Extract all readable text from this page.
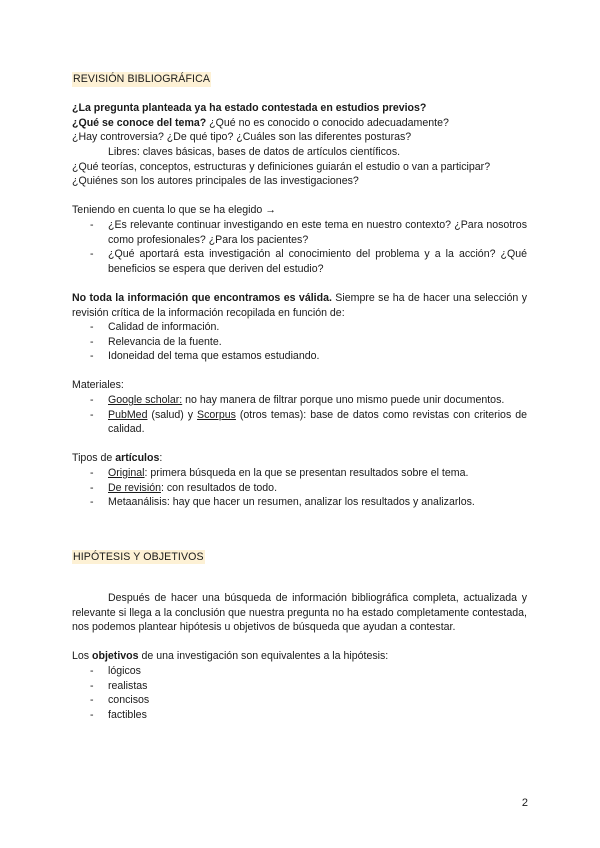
REVISIÓN BIBLIOGRÁFICA

¿La pregunta planteada ya ha estado contestada en estudios previos?

¿Qué se conoce del tema? ¿Qué no es conocido o conocido adecuadamente?

¿Hay controversia? ¿De qué tipo? ¿Cuáles son las diferentes posturas?

Libres: claves básicas, bases de datos de artículos científicos.

¿Qué teorías, conceptos, estructuras y definiciones guiarán el estudio o van a participar?

¿Quiénes son los autores principales de las investigaciones?

Teniendo en cuenta lo que se ha elegido →

- ¿Es relevante continuar investigando en este tema en nuestro contexto? ¿Para nosotros como profesionales? ¿Para los pacientes?
- ¿Qué aportará esta investigación al conocimiento del problema y a la acción? ¿Qué beneficios se espera que deriven del estudio?

No toda la información que encontramos es válida. Siempre se ha de hacer una selección y revisión crítica de la información recopilada en función de:

- Calidad de información.
- Relevancia de la fuente.
- Idoneidad del tema que estamos estudiando.

Materiales:

- Google scholar: no hay manera de filtrar porque uno mismo puede unir documentos.
- PubMed (salud) y Scorpus (otros temas): base de datos como revistas con criterios de calidad.

Tipos de artículos:

- Original: primera búsqueda en la que se presentan resultados sobre el tema.
- De revisión: con resultados de todo.
- Metaanálisis: hay que hacer un resumen, analizar los resultados y analizarlos.
HIPÓTESIS Y OBJETIVOS

Después de hacer una búsqueda de información bibliográfica completa, actualizada y relevante si llega a la conclusión que nuestra pregunta no ha estado completamente contestada, nos podemos plantear hipótesis u objetivos de búsqueda que ayudan a contestar.

Los objetivos de una investigación son equivalentes a la hipótesis:

- lógicos
- realistas
- concisos
- factibles
2
